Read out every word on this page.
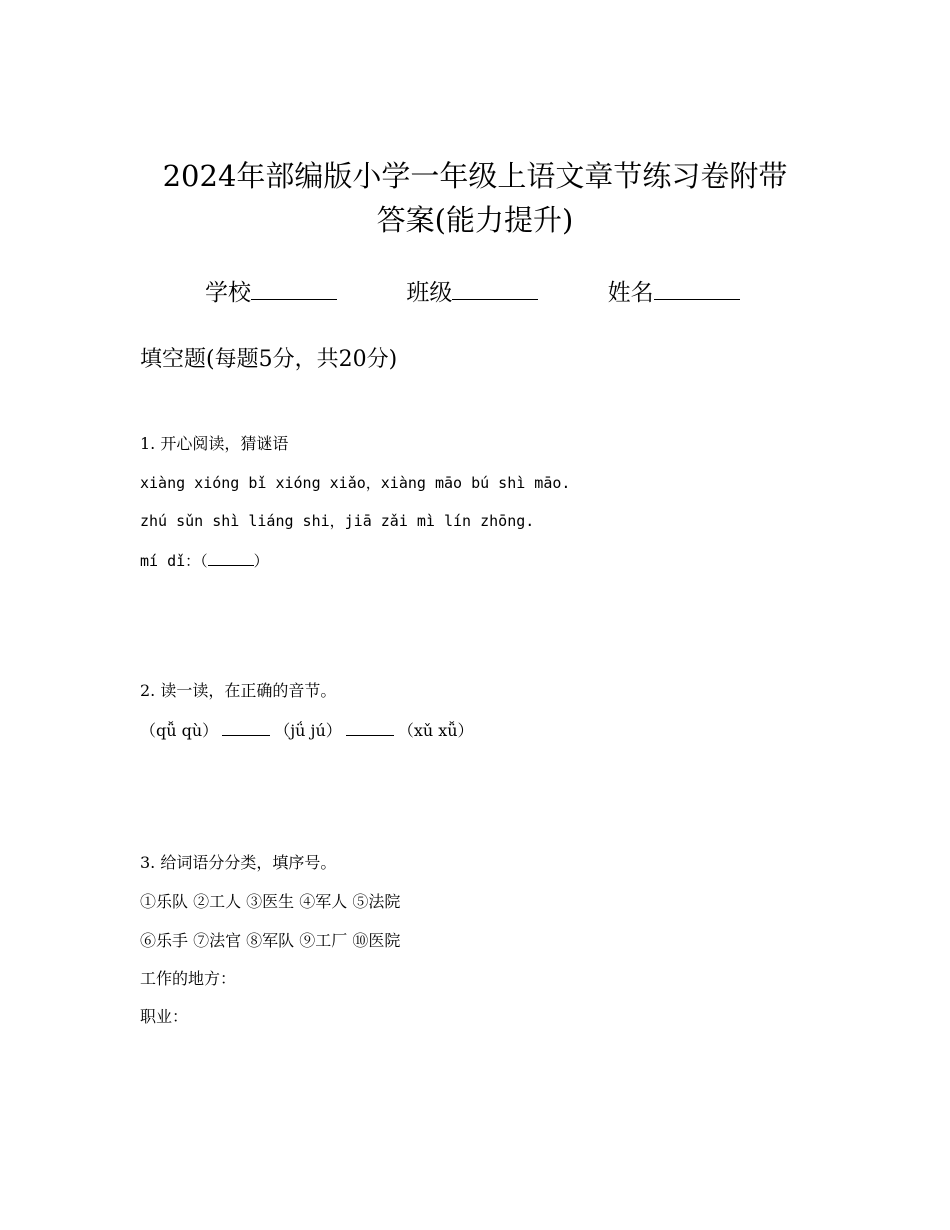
2024年部编版小学一年级上语文章节练习卷附带
答案(能力提升)
学校	班级	姓名
填空题(每题5分，共20分)
1. 开心阅读，猜谜语
xiàng xióng bǐ xióng xiǎo，xiàng māo bú shì māo.
zhú sǔn shì liáng shi，jiā zǎi mì lín zhōng.
mí dǐ：（	）
2. 读一读，在正确的音节。
（qǚ qù）	（jǘ jú）	（xǔ xǚ）
3. 给词语分分类，填序号。
①乐队 ②工人 ③医生 ④军人 ⑤法院
⑥乐手 ⑦法官 ⑧军队 ⑨工厂 ⑩医院
工作的地方：
职业：
